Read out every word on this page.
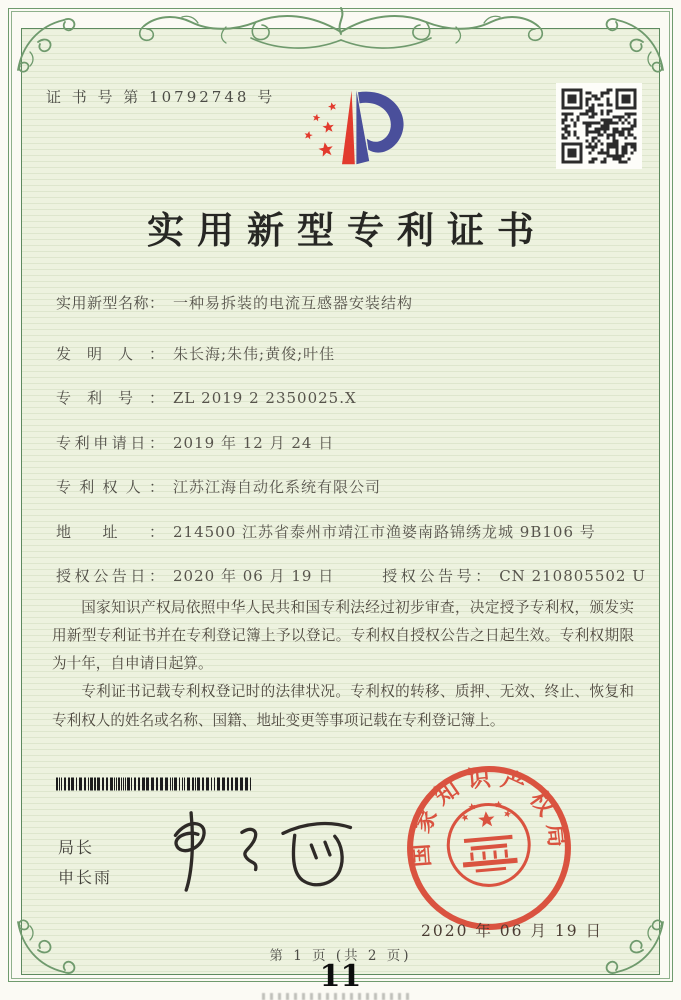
证 书 号 第 10792748 号
实用新型专利证书
实用新型名称： 一种易拆装的电流互感器安装结构
发明人： 朱长海;朱伟;黄俊;叶佳
专利号： ZL 2019 2 2350025.X
专利申请日： 2019 年 12 月 24 日
专利权人： 江苏江海自动化系统有限公司
地址： 214500 江苏省泰州市靖江市渔婆南路锦绣龙城 9B106 号
授权公告日： 2020 年 06 月 19 日	授权公告号： CN 210805502 U

国家知识产权局依照中华人民共和国专利法经过初步审查，决定授予专利权，颁发实用新型专利证书并在专利登记簿上予以登记。专利权自授权公告之日起生效。专利权期限为十年，自申请日起算。

专利证书记载专利权登记时的法律状况。专利权的转移、质押、无效、终止、恢复和专利权人的姓名或名称、国籍、地址变更等事项记载在专利登记簿上。

局长
申长雨
国家知识产权局
2020 年 06 月 19 日
第 1 页 (共 2 页)
11
